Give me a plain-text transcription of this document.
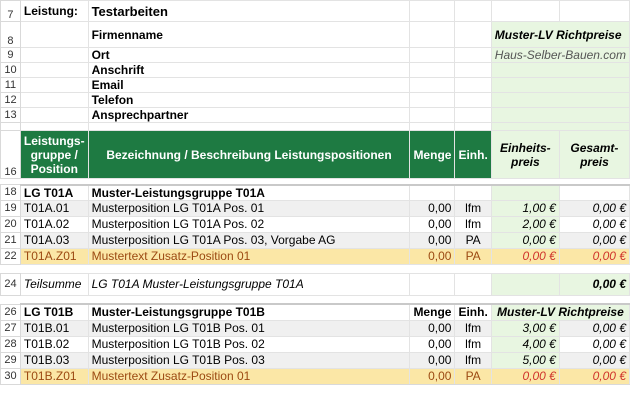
7	Leistung:	Testarbeiten				
8		Firmenname			Muster-LV Richtpreise	
9		Ort			Haus-Selber-Bauen.com	
10		Anschrift				
11		Email				
12		Telefon				
13		Ansprechpartner				

16	Leistungs-gruppe / Position	Bezeichnung / Beschreibung Leistungspositionen	Menge	Einh.	Einheits-preis	Gesamt-preis

18	LG T01A	Muster-Leistungsgruppe T01A				
19	T01A.01	Musterposition LG T01A Pos. 01	0,00	lfm	1,00 €	0,00 €
20	T01A.02	Musterposition LG T01A Pos. 02	0,00	lfm	2,00 €	0,00 €
21	T01A.03	Musterposition LG T01A Pos. 03, Vorgabe AG	0,00	PA	0,00 €	0,00 €
22	T01A.Z01	Mustertext Zusatz-Position 01	0,00	PA	0,00 €	0,00 €

24	Teilsumme	LG T01A Muster-Leistungsgruppe T01A				0,00 €

26	LG T01B	Muster-Leistungsgruppe T01B	Menge	Einh.	Muster-LV Richtpreise	
27	T01B.01	Musterposition LG T01B Pos. 01	0,00	lfm	3,00 €	0,00 €
28	T01B.02	Musterposition LG T01B Pos. 02	0,00	lfm	4,00 €	0,00 €
29	T01B.03	Musterposition LG T01B Pos. 03	0,00	lfm	5,00 €	0,00 €
30	T01B.Z01	Mustertext Zusatz-Position 01	0,00	PA	0,00 €	0,00 €
